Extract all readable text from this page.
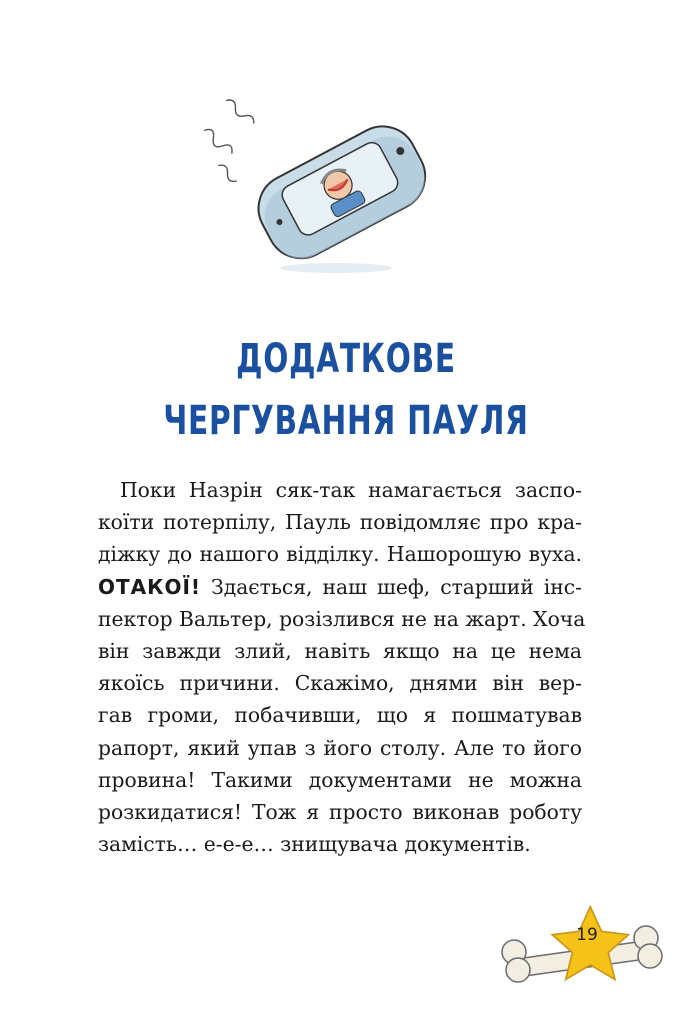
ДОДАТКОВЕ
ЧЕРГУВАННЯ ПАУЛЯ
Поки Назрін сяк-так намагається заспо-
коїти потерпілу, Пауль повідомляє про кра-
діжку до нашого відділку. Нашорошую вуха.
ОТАКОЇ! Здається, наш шеф, старший інс-
пектор Вальтер, розізлився не на жарт. Хоча
він завжди злий, навіть якщо на це нема
якоїсь причини. Скажімо, днями він вер-
гав громи, побачивши, що я пошматував
рапорт, який упав з його столу. Але то його
провина! Такими документами не можна
розкидатися! Тож я просто виконав роботу
замість… е-е-е… знищувача документів.
19
